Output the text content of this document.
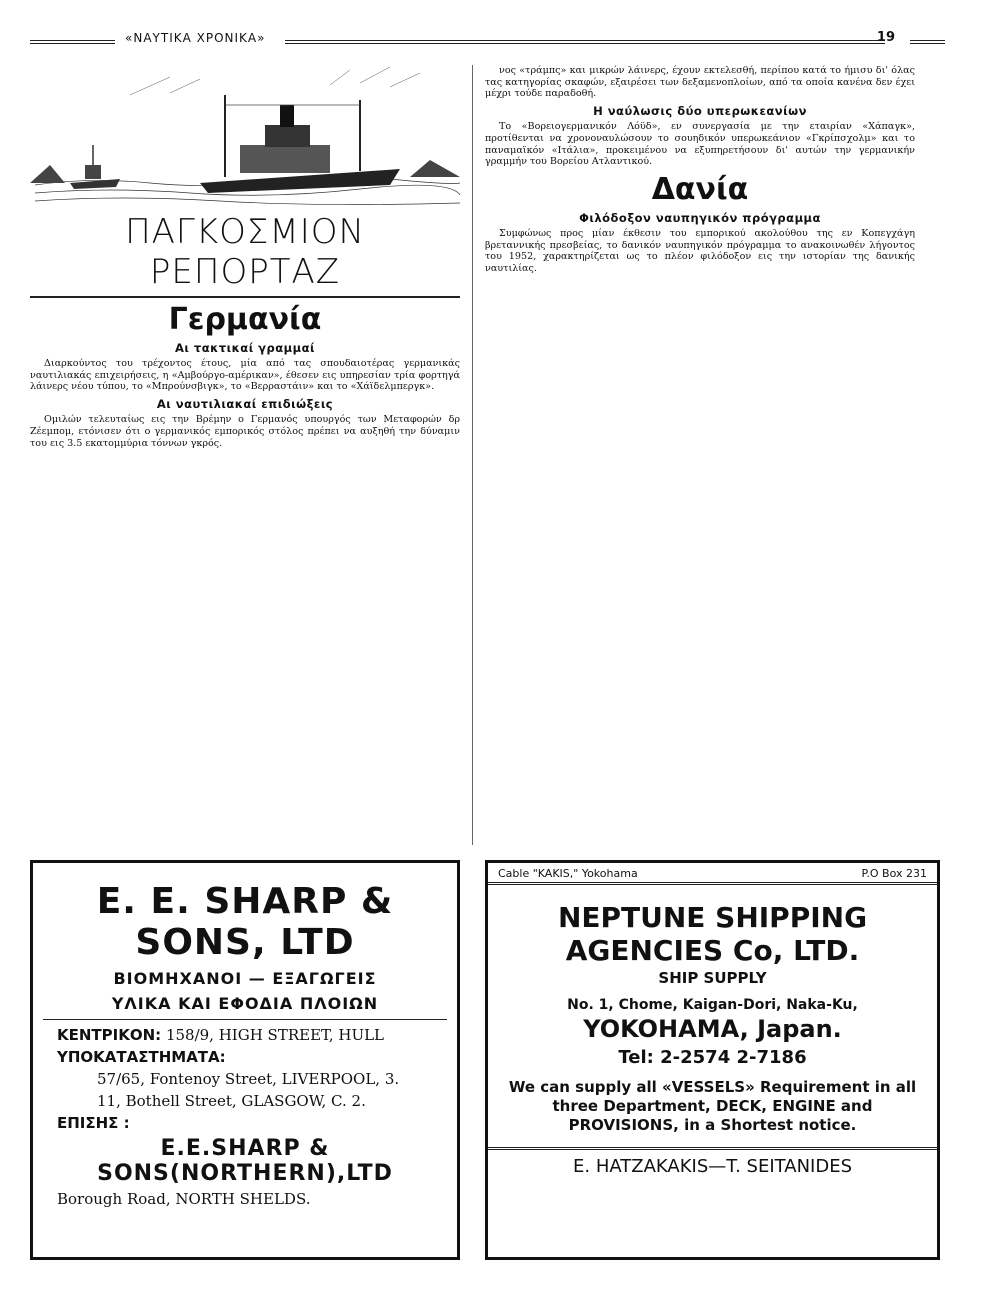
«ΝΑΥΤΙΚΑ ΧΡΟΝΙΚΑ»	19
ΠΑΓΚΟΣΜΙΟΝ ΡΕΠΟΡΤΑΖ
Γερμανία
Αι τακτικαί γραμμαί

Διαρκούντος του τρέχοντος έτους, μία από τας σπουδαιοτέρας γερμανικάς ναυτιλιακάς επιχειρήσεις, η «Αμβούργο-αμέρικαν», έθεσεν εις υπηρεσίαν τρία φορτηγά λάινερς νέου τύπου, το «Μπρούνσβιγκ», το «Βερραστάιν» και το «Χάϊδελμπεργκ».

Αι ναυτιλιακαί επιδιώξεις

Ομιλών τελευταίως εις την Βρέμην ο Γερμανός υπουργός των Μεταφορών δρ Ζέεμπομ, ετόνισεν ότι ο γερμανικός εμπορικός στόλος πρέπει να αυξηθή την δύναμιν του εις 3.5 εκατομμύρια τόννων γκρός.

νος «τράμπς» και μικρών λάινερς, έχουν εκτελεσθή, περίπου κατά το ήμισυ δι' όλας τας κατηγορίας σκαφών, εξαιρέσει των δεξαμενοπλοίων, από τα οποία κανένα δεν έχει μέχρι τούδε παραδοθή.

Η ναύλωσις δύο υπερωκεανίων

Το «Βορειογερμανικόν Λόϋδ», εν συνεργασία με την εταιρίαν «Χάπαγκ», προτίθενται να χρονοναυλώσουν το σουηδικόν υπερωκεάνιον «Γκρίπσχολμ» και το παναμαϊκόν «Ιτάλια», προκειμένου να εξυπηρετήσουν δι' αυτών την γερμανικήν γραμμήν του Βορείου Ατλαντικού.

Δανία
Φιλόδοξον ναυπηγικόν πρόγραμμα

Συμφώνως προς μίαν έκθεσιν του εμπορικού ακολούθου της εν Κοπεγχάγη βρεταννικής πρεσβείας, το δανικόν ναυπηγικόν πρόγραμμα το ανακοινωθέν λήγοντος του 1952, χαρακτηρίζεται ως το πλέον φιλόδοξον εις την ιστορίαν της δανικής ναυτιλίας.

E. E. SHARP & SONS, LTD
ΒΙΟΜΗΧΑΝΟΙ — ΕΞΑΓΩΓΕΙΣ
ΥΛΙΚΑ ΚΑΙ ΕΦΟΔΙΑ ΠΛΟΙΩΝ
ΚΕΝΤΡΙΚΟΝ: 158/9, HIGH STREET, HULL
ΥΠΟΚΑΤΑΣΤΗΜΑΤΑ:
57/65, Fontenoy Street, LIVERPOOL, 3.
11, Bothell Street, GLASGOW, C. 2.
ΕΠΙΣΗΣ :
E.E.SHARP & SONS(NORTHERN),LTD
Borough Road, NORTH SHELDS.
Cable "KAKIS," Yokohama	P.O Box 231
NEPTUNE SHIPPING AGENCIES Co, LTD.
SHIP SUPPLY
No. 1, Chome, Kaigan-Dori, Naka-Ku,
YOKOHAMA, Japan.
Tel: 2-2574 2-7186
We can supply all «VESSELS» Requirement in all three Department, DECK, ENGINE and PROVISIONS, in a Shortest notice.
E. HATZAKAKIS—T. SEITANIDES
